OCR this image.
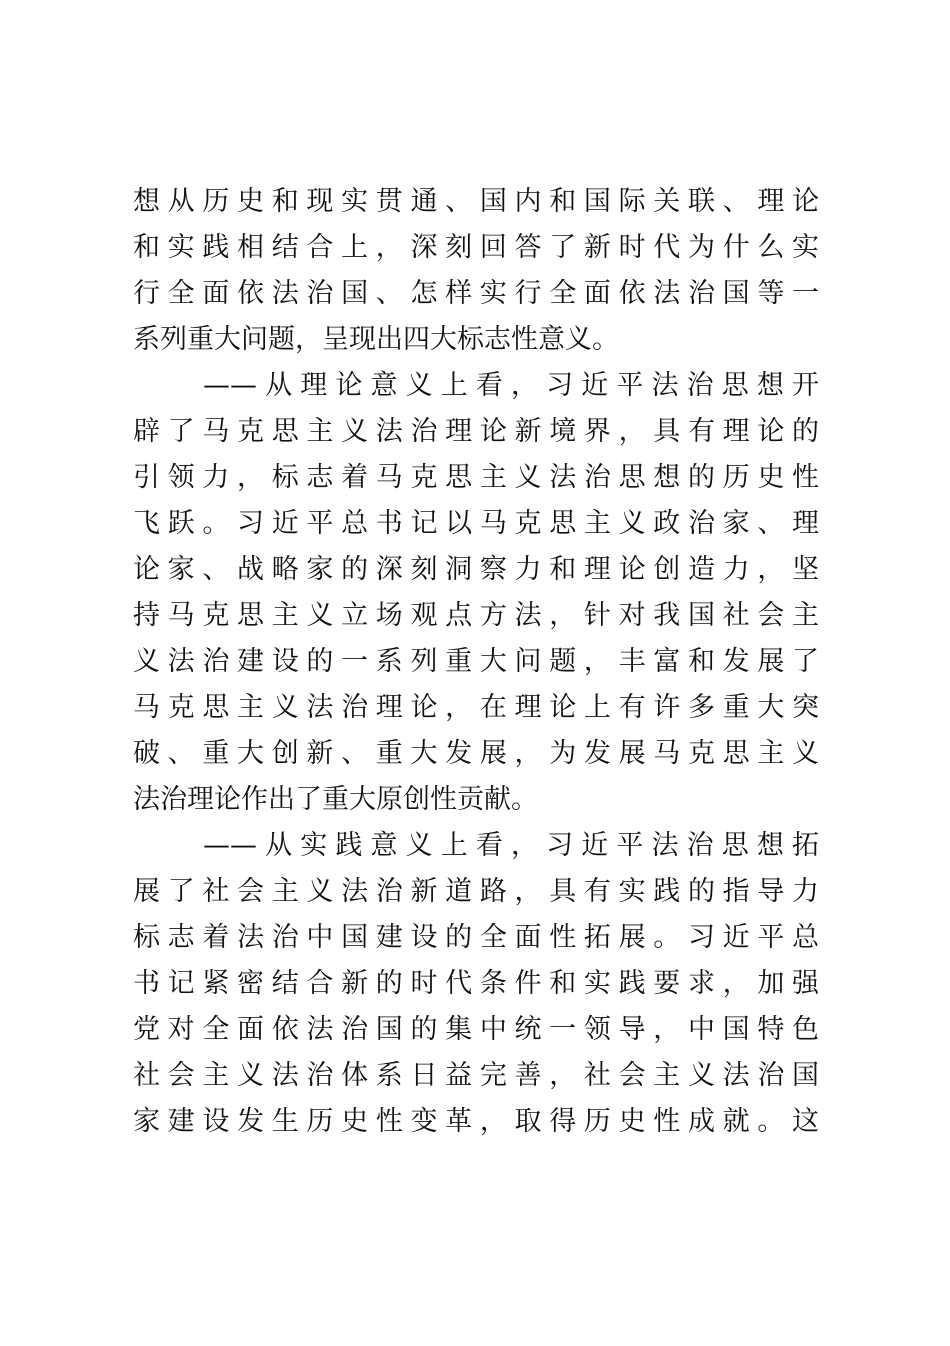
想从历史和现实贯通、国内和国际关联、理论
和实践相结合上，深刻回答了新时代为什么实
行全面依法治国、怎样实行全面依法治国等一
系列重大问题，呈现出四大标志性意义。
——从理论意义上看，习近平法治思想开
辟了马克思主义法治理论新境界，具有理论的
引领力，标志着马克思主义法治思想的历史性
飞跃。习近平总书记以马克思主义政治家、理
论家、战略家的深刻洞察力和理论创造力，坚
持马克思主义立场观点方法，针对我国社会主
义法治建设的一系列重大问题，丰富和发展了
马克思主义法治理论，在理论上有许多重大突
破、重大创新、重大发展，为发展马克思主义
法治理论作出了重大原创性贡献。
——从实践意义上看，习近平法治思想拓
展了社会主义法治新道路，具有实践的指导力
标志着法治中国建设的全面性拓展。习近平总
书记紧密结合新的时代条件和实践要求，加强
党对全面依法治国的集中统一领导，中国特色
社会主义法治体系日益完善，社会主义法治国
家建设发生历史性变革，取得历史性成就。这
